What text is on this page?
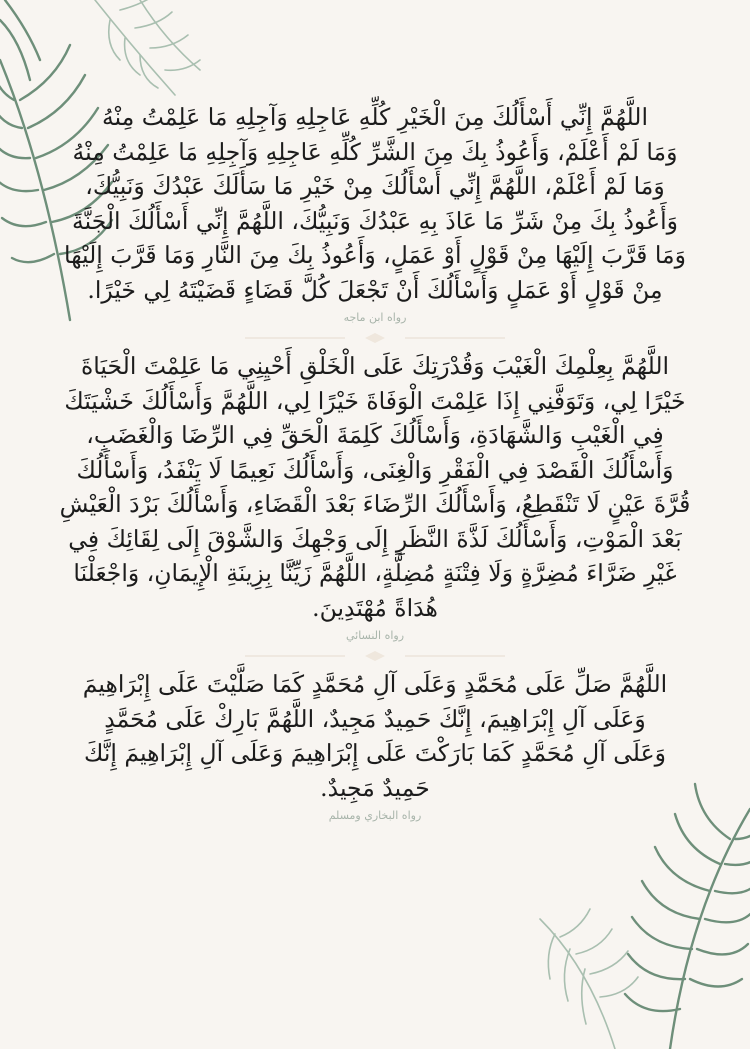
اللَّهُمَّ إِنِّي أَسْأَلُكَ مِنَ الْخَيْرِ كُلِّهِ عَاجِلِهِ وَآجِلِهِ مَا عَلِمْتُ مِنْهُ
وَمَا لَمْ أَعْلَمْ، وَأَعُوذُ بِكَ مِنَ الشَّرِّ كُلِّهِ عَاجِلِهِ وَآجِلِهِ مَا عَلِمْتُ مِنْهُ
وَمَا لَمْ أَعْلَمْ، اللَّهُمَّ إِنِّي أَسْأَلُكَ مِنْ خَيْرِ مَا سَأَلَكَ عَبْدُكَ وَنَبِيُّكَ،
وَأَعُوذُ بِكَ مِنْ شَرِّ مَا عَاذَ بِهِ عَبْدُكَ وَنَبِيُّكَ، اللَّهُمَّ إِنِّي أَسْأَلُكَ الْجَنَّةَ
وَمَا قَرَّبَ إِلَيْهَا مِنْ قَوْلٍ أَوْ عَمَلٍ، وَأَعُوذُ بِكَ مِنَ النَّارِ وَمَا قَرَّبَ إِلَيْهَا
مِنْ قَوْلٍ أَوْ عَمَلٍ وَأَسْأَلُكَ أَنْ تَجْعَلَ كُلَّ قَضَاءٍ قَضَيْتَهُ لِي خَيْرًا.

رواه ابن ماجه

اللَّهُمَّ بِعِلْمِكَ الْغَيْبَ وَقُدْرَتِكَ عَلَى الْخَلْقِ أَحْيِنِي مَا عَلِمْتَ الْحَيَاةَ
خَيْرًا لِي، وَتَوَفَّنِي إِذَا عَلِمْتَ الْوَفَاةَ خَيْرًا لِي، اللَّهُمَّ وَأَسْأَلُكَ خَشْيَتَكَ
فِي الْغَيْبِ وَالشَّهَادَةِ، وَأَسْأَلُكَ كَلِمَةَ الْحَقِّ فِي الرِّضَا وَالْغَضَبِ،
وَأَسْأَلُكَ الْقَصْدَ فِي الْفَقْرِ وَالْغِنَى، وَأَسْأَلُكَ نَعِيمًا لَا يَنْفَدُ، وَأَسْأَلُكَ
قُرَّةَ عَيْنٍ لَا تَنْقَطِعُ، وَأَسْأَلُكَ الرِّضَاءَ بَعْدَ الْقَضَاءِ، وَأَسْأَلُكَ بَرْدَ الْعَيْشِ
بَعْدَ الْمَوْتِ، وَأَسْأَلُكَ لَذَّةَ النَّظَرِ إِلَى وَجْهِكَ وَالشَّوْقَ إِلَى لِقَائِكَ فِي
غَيْرِ ضَرَّاءَ مُضِرَّةٍ وَلَا فِتْنَةٍ مُضِلَّةٍ، اللَّهُمَّ زَيِّنَّا بِزِينَةِ الْإِيمَانِ، وَاجْعَلْنَا
هُدَاةً مُهْتَدِينَ.

رواه النسائي

اللَّهُمَّ صَلِّ عَلَى مُحَمَّدٍ وَعَلَى آلِ مُحَمَّدٍ كَمَا صَلَّيْتَ عَلَى إِبْرَاهِيمَ
وَعَلَى آلِ إِبْرَاهِيمَ، إِنَّكَ حَمِيدٌ مَجِيدٌ، اللَّهُمَّ بَارِكْ عَلَى مُحَمَّدٍ
وَعَلَى آلِ مُحَمَّدٍ كَمَا بَارَكْتَ عَلَى إِبْرَاهِيمَ وَعَلَى آلِ إِبْرَاهِيمَ إِنَّكَ
حَمِيدٌ مَجِيدٌ.

رواه البخاري ومسلم
